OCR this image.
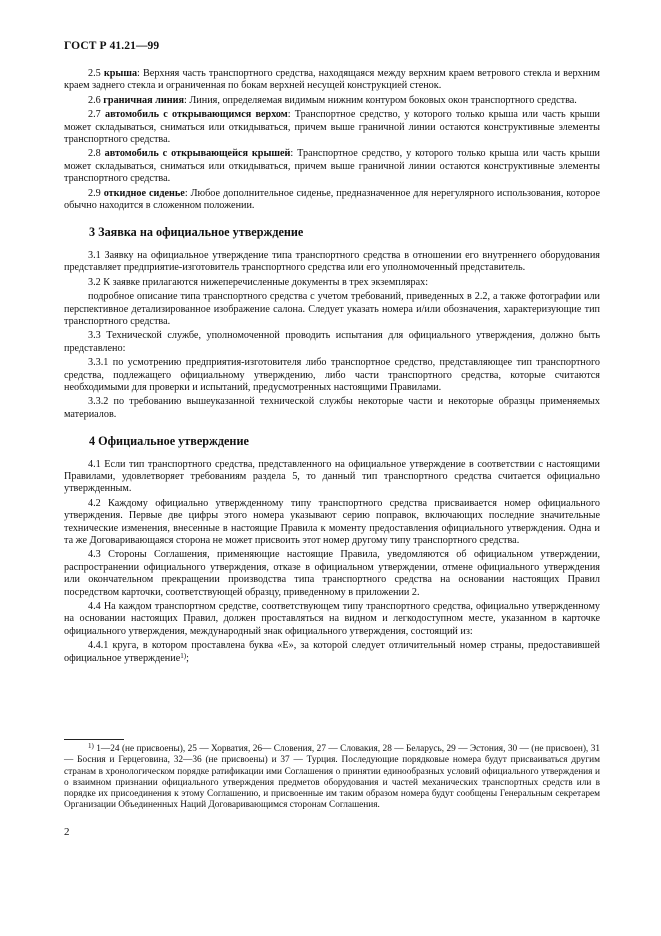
ГОСТ Р 41.21—99

2.5 крыша: Верхняя часть транспортного средства, находящаяся между верхним краем ветрового стекла и верхним краем заднего стекла и ограниченная по бокам верхней несущей конструкцией стенок.

2.6 граничная линия: Линия, определяемая видимым нижним контуром боковых окон транспортного средства.

2.7 автомобиль с открывающимся верхом: Транспортное средство, у которого только крыша или часть крыши может складываться, сниматься или откидываться, причем выше граничной линии остаются конструктивные элементы транспортного средства.

2.8 автомобиль с открывающейся крышей: Транспортное средство, у которого только крыша или часть крыши может складываться, сниматься или откидываться, причем выше граничной линии остаются конструктивные элементы транспортного средства.

2.9 откидное сиденье: Любое дополнительное сиденье, предназначенное для нерегулярного использования, которое обычно находится в сложенном положении.

3 Заявка на официальное утверждение

3.1 Заявку на официальное утверждение типа транспортного средства в отношении его внутреннего оборудования представляет предприятие-изготовитель транспортного средства или его уполномоченный представитель.

3.2 К заявке прилагаются нижеперечисленные документы в трех экземплярах:

подробное описание типа транспортного средства с учетом требований, приведенных в 2.2, а также фотографии или перспективное детализированное изображение салона. Следует указать номера и/или обозначения, характеризующие тип транспортного средства.

3.3 Технической службе, уполномоченной проводить испытания для официального утверждения, должно быть представлено:

3.3.1 по усмотрению предприятия-изготовителя либо транспортное средство, представляющее тип транспортного средства, подлежащего официальному утверждению, либо части транспортного средства, которые считаются необходимыми для проверки и испытаний, предусмотренных настоящими Правилами.

3.3.2 по требованию вышеуказанной технической службы некоторые части и некоторые образцы применяемых материалов.

4 Официальное утверждение

4.1 Если тип транспортного средства, представленного на официальное утверждение в соответствии с настоящими Правилами, удовлетворяет требованиям раздела 5, то данный тип транспортного средства считается официально утвержденным.

4.2 Каждому официально утвержденному типу транспортного средства присваивается номер официального утверждения. Первые две цифры этого номера указывают серию поправок, включающих последние значительные технические изменения, внесенные в настоящие Правила к моменту предоставления официального утверждения. Одна и та же Договаривающаяся сторона не может присвоить этот номер другому типу транспортного средства.

4.3 Стороны Соглашения, применяющие настоящие Правила, уведомляются об официальном утверждении, распространении официального утверждения, отказе в официальном утверждении, отмене официального утверждения или окончательном прекращении производства типа транспортного средства на основании настоящих Правил посредством карточки, соответствующей образцу, приведенному в приложении 2.

4.4 На каждом транспортном средстве, соответствующем типу транспортного средства, официально утвержденному на основании настоящих Правил, должен проставляться на видном и легкодоступном месте, указанном в карточке официального утверждения, международный знак официального утверждения, состоящий из:

4.4.1 круга, в котором проставлена буква «Е», за которой следует отличительный номер страны, предоставившей официальное утверждение$^{1)}$;

$^{1)}$ 1—24 (не присвоены), 25 — Хорватия, 26— Словения, 27 — Словакия, 28 — Беларусь, 29 — Эстония, 30 — (не присвоен), 31 — Босния и Герцеговина, 32—36 (не присвоены) и 37 — Турция. Последующие порядковые номера будут присваиваться другим странам в хронологическом порядке ратификации ими Соглашения о принятии единообразных условий официального утверждения и о взаимном признании официального утверждения предметов оборудования и частей механических транспортных средств или в порядке их присоединения к этому Соглашению, и присвоенные им таким образом номера будут сообщены Генеральным секретарем Организации Объединенных Наций Договаривающимся сторонам Соглашения.
2
